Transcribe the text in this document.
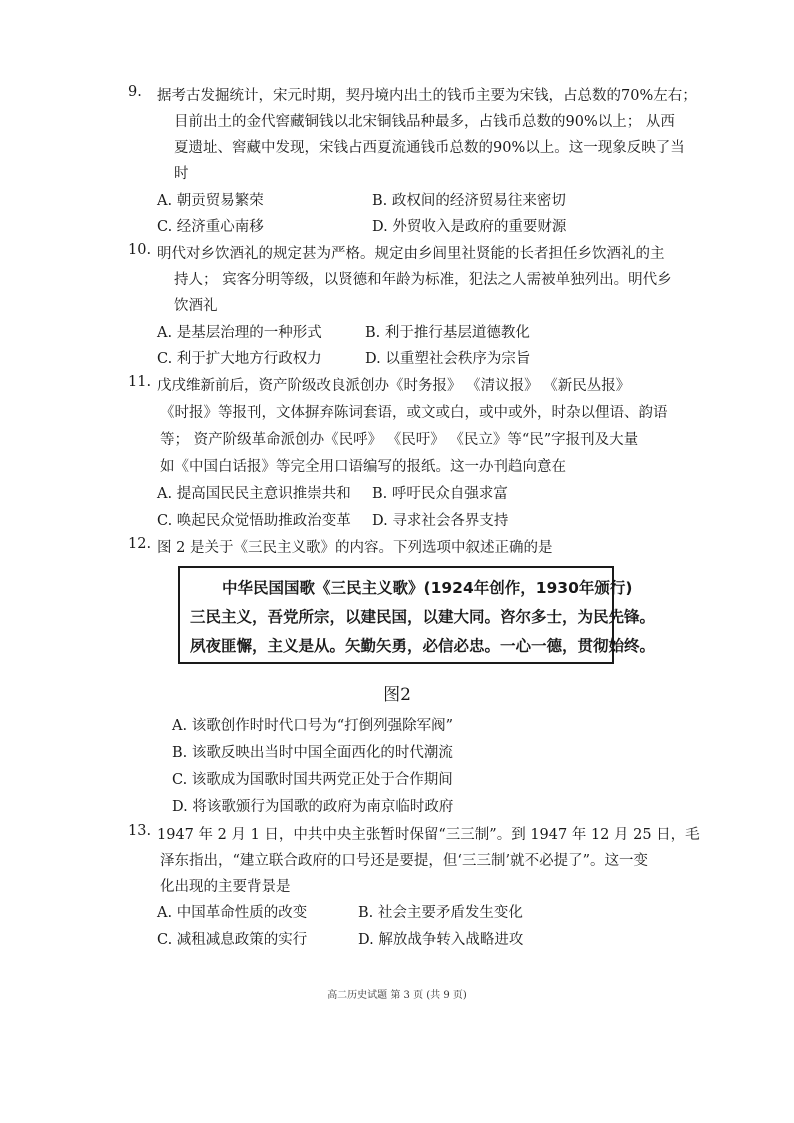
9. 据考古发掘统计，宋元时期，契丹境内出土的钱币主要为宋钱，占总数的70%左右；
目前出土的金代窖藏铜钱以北宋铜钱品种最多，占钱币总数的90%以上； 从西
夏遗址、窖藏中发现，宋钱占西夏流通钱币总数的90%以上。这一现象反映了当
时
A. 朝贡贸易繁荣	B. 政权间的经济贸易往来密切
C. 经济重心南移	D. 外贸收入是政府的重要财源
10. 明代对乡饮酒礼的规定甚为严格。规定由乡闾里社贤能的长者担任乡饮酒礼的主
持人； 宾客分明等级，以贤德和年龄为标准，犯法之人需被单独列出。明代乡
饮酒礼
A. 是基层治理的一种形式	B. 利于推行基层道德教化
C. 利于扩大地方行政权力	D. 以重塑社会秩序为宗旨
11. 戊戌维新前后，资产阶级改良派创办《时务报》 《清议报》 《新民丛报》
《时报》等报刊，文体摒弃陈词套语，或文或白，或中或外，时杂以俚语、韵语
等； 资产阶级革命派创办《民呼》 《民吁》 《民立》等“民”字报刊及大量
如《中国白话报》等完全用口语编写的报纸。这一办刊趋向意在
A. 提高国民民主意识推崇共和 B. 呼吁民众自强求富
C. 唤起民众觉悟助推政治变革 D. 寻求社会各界支持
12. 图 2 是关于《三民主义歌》的内容。下列选项中叙述正确的是
中华民国国歌《三民主义歌》(1924年创作，1930年颁行)
三民主义，吾党所宗，以建民国，以建大同。咨尔多士，为民先锋。
夙夜匪懈，主义是从。矢勤矢勇，必信必忠。一心一德，贯彻始终。
图2
A. 该歌创作时时代口号为“打倒列强除军阀”
B. 该歌反映出当时中国全面西化的时代潮流
C. 该歌成为国歌时国共两党正处于合作期间
D. 将该歌颁行为国歌的政府为南京临时政府
13. 1947 年 2 月 1 日，中共中央主张暂时保留“三三制”。到 1947 年 12 月 25 日，毛
泽东指出，“建立联合政府的口号还是要提，但‘三三制’就不必提了”。这一变
化出现的主要背景是
A. 中国革命性质的改变	B. 社会主要矛盾发生变化
C. 减租减息政策的实行	D. 解放战争转入战略进攻
高二历史试题 第 3 页 (共 9 页)
